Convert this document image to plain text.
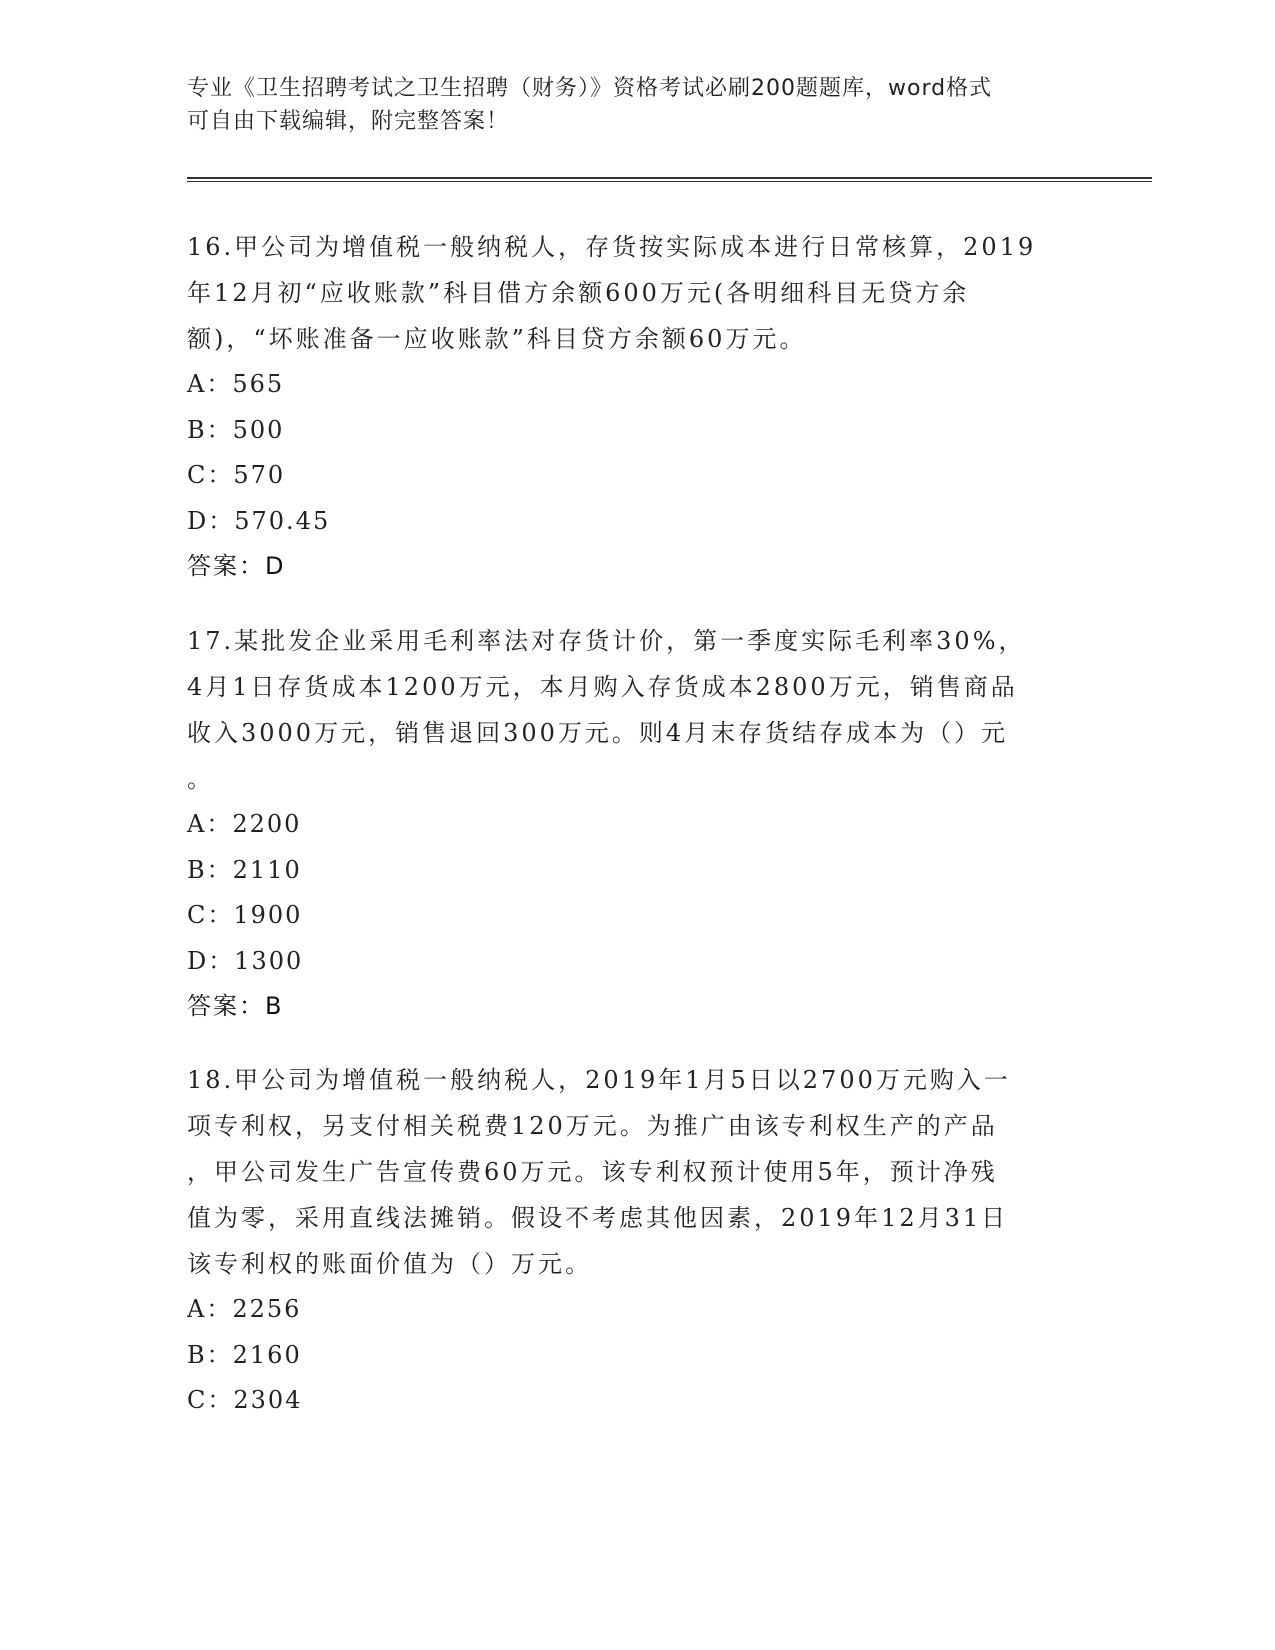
专业《卫生招聘考试之卫生招聘（财务）》资格考试必刷200题题库，word格式
可自由下载编辑，附完整答案！
16.甲公司为增值税一般纳税人，存货按实际成本进行日常核算，2019
年12月初“应收账款”科目借方余额600万元(各明细科目无贷方余
额)，“坏账准备一应收账款”科目贷方余额60万元。
A：565
B：500
C：570
D：570.45
答案：D
17.某批发企业采用毛利率法对存货计价，第一季度实际毛利率30%，
4月1日存货成本1200万元，本月购入存货成本2800万元，销售商品
收入3000万元，销售退回300万元。则4月末存货结存成本为（）元
。
A：2200
B：2110
C：1900
D：1300
答案：B
18.甲公司为增值税一般纳税人，2019年1月5日以2700万元购入一
项专利权，另支付相关税费120万元。为推广由该专利权生产的产品
，甲公司发生广告宣传费60万元。该专利权预计使用5年，预计净残
值为零，采用直线法摊销。假设不考虑其他因素，2019年12月31日
该专利权的账面价值为（）万元。
A：2256
B：2160
C：2304
